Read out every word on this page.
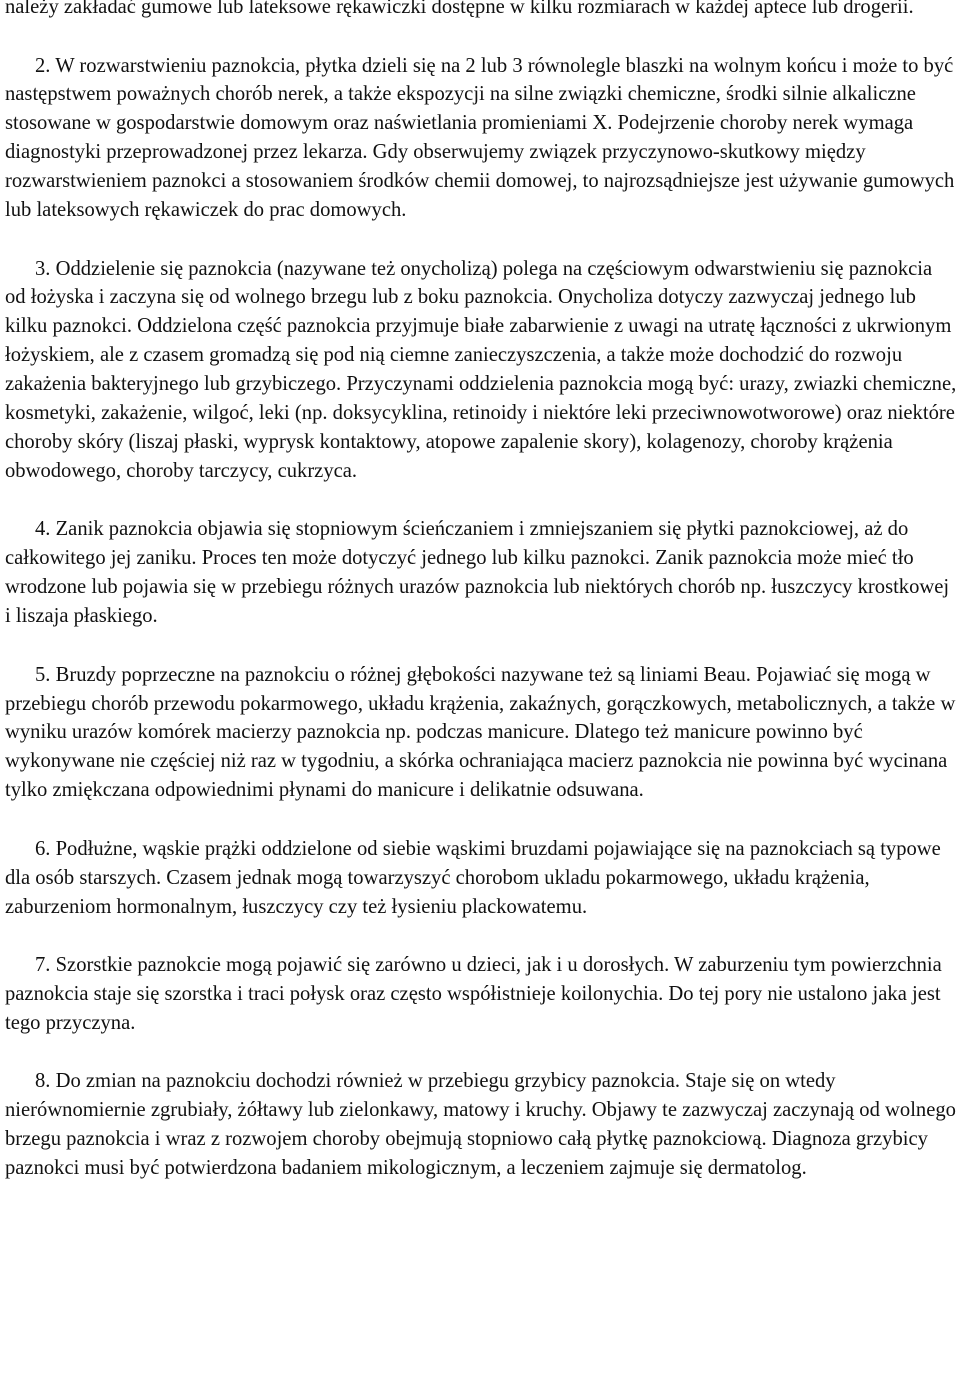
należy zakładać gumowe lub lateksowe rękawiczki dostępne w kilku rozmiarach w każdej aptece lub drogerii.

2. W rozwarstwieniu paznokcia, płytka dzieli się na 2 lub 3 równolegle blaszki na wolnym końcu i może to być następstwem poważnych chorób nerek, a także ekspozycji na silne związki chemiczne, środki silnie alkaliczne stosowane w gospodarstwie domowym oraz naświetlania promieniami X. Podejrzenie choroby nerek wymaga diagnostyki przeprowadzonej przez lekarza. Gdy obserwujemy związek przyczynowo-skutkowy między rozwarstwieniem paznokci a stosowaniem środków chemii domowej, to najrozsądniejsze jest używanie gumowych lub lateksowych rękawiczek do prac domowych.

3. Oddzielenie się paznokcia (nazywane też onycholizą) polega na częściowym odwarstwieniu się paznokcia od łożyska i zaczyna się od wolnego brzegu lub z boku paznokcia. Onycholiza dotyczy zazwyczaj jednego lub kilku paznokci. Oddzielona część paznokcia przyjmuje białe zabarwienie z uwagi na utratę łączności z ukrwionym łożyskiem, ale z czasem gromadzą się pod nią ciemne zanieczyszczenia, a także może dochodzić do rozwoju zakażenia bakteryjnego lub grzybiczego. Przyczynami oddzielenia paznokcia mogą być: urazy, zwiazki chemiczne, kosmetyki, zakażenie, wilgoć, leki (np. doksycyklina, retinoidy i niektóre leki przeciwnowotworowe) oraz niektóre choroby skóry (liszaj płaski, wyprysk kontaktowy, atopowe zapalenie skory), kolagenozy, choroby krążenia obwodowego, choroby tarczycy, cukrzyca.

4. Zanik paznokcia objawia się stopniowym ścieńczaniem i zmniejszaniem się płytki paznokciowej, aż do całkowitego jej zaniku. Proces ten może dotyczyć jednego lub kilku paznokci. Zanik paznokcia może mieć tło wrodzone lub pojawia się w przebiegu różnych urazów paznokcia lub niektórych chorób np. łuszczycy krostkowej i liszaja płaskiego.

5. Bruzdy poprzeczne na paznokciu o różnej głębokości nazywane też są liniami Beau. Pojawiać się mogą w przebiegu chorób przewodu pokarmowego, układu krążenia, zakaźnych, gorączkowych, metabolicznych, a także w wyniku urazów komórek macierzy paznokcia np. podczas manicure. Dlatego też manicure powinno być wykonywane nie częściej niż raz w tygodniu, a skórka ochraniająca macierz paznokcia nie powinna być wycinana tylko zmiękczana odpowiednimi płynami do manicure i delikatnie odsuwana.

6. Podłużne, wąskie prążki oddzielone od siebie wąskimi bruzdami pojawiające się na paznokciach są typowe dla osób starszych. Czasem jednak mogą towarzyszyć chorobom ukladu pokarmowego, układu krążenia, zaburzeniom hormonalnym, łuszczycy czy też łysieniu plackowatemu.

7. Szorstkie paznokcie mogą pojawić się zarówno u dzieci, jak i u dorosłych. W zaburzeniu tym powierzchnia paznokcia staje się szorstka i traci połysk oraz często współistnieje koilonychia. Do tej pory nie ustalono jaka jest tego przyczyna.

8. Do zmian na paznokciu dochodzi również w przebiegu grzybicy paznokcia. Staje się on wtedy nierównomiernie zgrubiały, żółtawy lub zielonkawy, matowy i kruchy. Objawy te zazwyczaj zaczynają od wolnego brzegu paznokcia i wraz z rozwojem choroby obejmują stopniowo całą płytkę paznokciową. Diagnoza grzybicy paznokci musi być potwierdzona badaniem mikologicznym, a leczeniem zajmuje się dermatolog.
